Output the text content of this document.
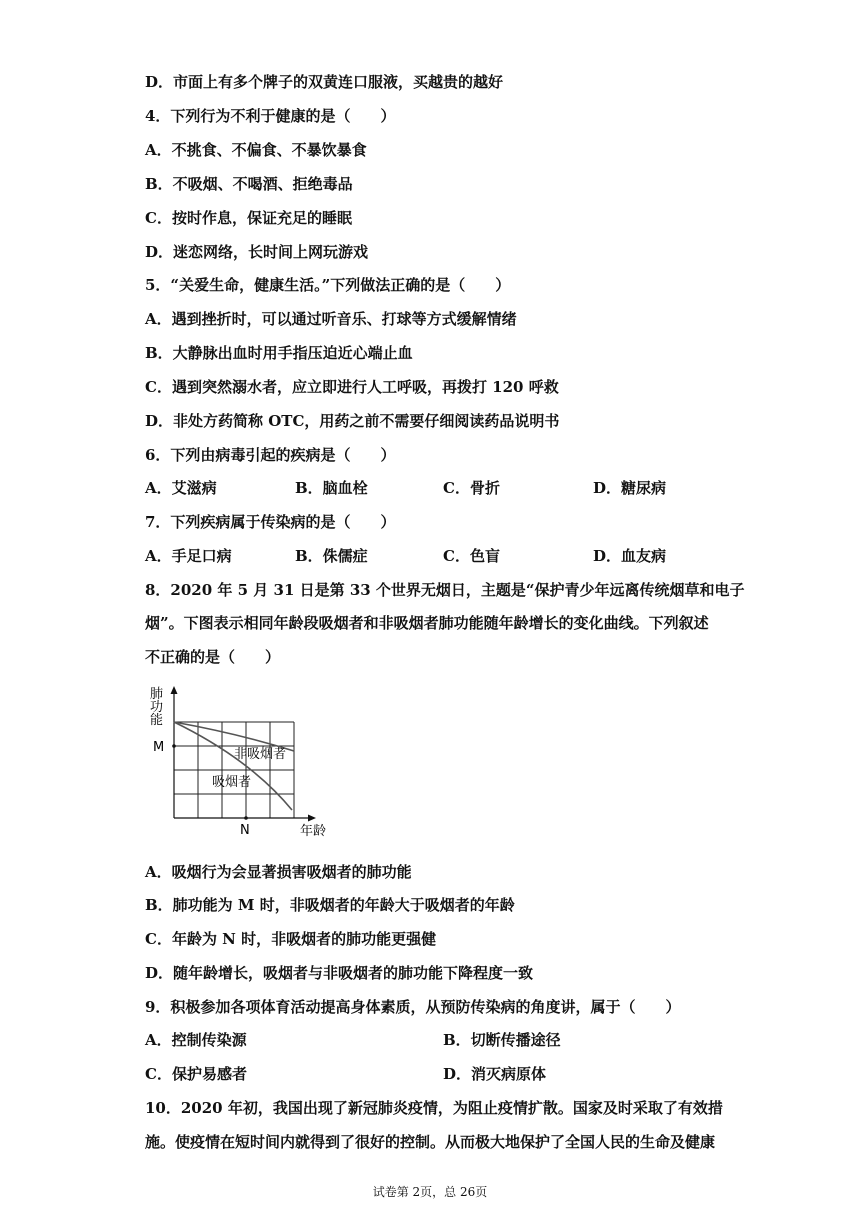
D．市面上有多个牌子的双黄连口服液，买越贵的越好
4．下列行为不利于健康的是（　　）
A．不挑食、不偏食、不暴饮暴食
B．不吸烟、不喝酒、拒绝毒品
C．按时作息，保证充足的睡眠
D．迷恋网络，长时间上网玩游戏
5．“关爱生命，健康生活。”下列做法正确的是（　　）
A．遇到挫折时，可以通过听音乐、打球等方式缓解情绪
B．大静脉出血时用手指压迫近心端止血
C．遇到突然溺水者，应立即进行人工呼吸，再拨打 120 呼救
D．非处方药简称 OTC，用药之前不需要仔细阅读药品说明书
6．下列由病毒引起的疾病是（　　）
A．艾滋病	B．脑血栓	C．骨折	D．糖尿病
7．下列疾病属于传染病的是（　　）
A．手足口病	B．侏儒症	C．色盲	D．血友病
8．2020 年 5 月 31 日是第 33 个世界无烟日，主题是“保护青少年远离传统烟草和电子
烟”。下图表示相同年龄段吸烟者和非吸烟者肺功能随年龄增长的变化曲线。下列叙述
不正确的是（　　）
肺
功
能
M
N	年龄
非吸烟者
吸烟者
A．吸烟行为会显著损害吸烟者的肺功能
B．肺功能为 M 时，非吸烟者的年龄大于吸烟者的年龄
C．年龄为 N 时，非吸烟者的肺功能更强健
D．随年龄增长，吸烟者与非吸烟者的肺功能下降程度一致
9．积极参加各项体育活动提高身体素质，从预防传染病的角度讲，属于（　　）
A．控制传染源	B．切断传播途径
C．保护易感者	D．消灭病原体
10．2020 年初，我国出现了新冠肺炎疫情，为阻止疫情扩散。国家及时采取了有效措
施。使疫情在短时间内就得到了很好的控制。从而极大地保护了全国人民的生命及健康
试卷第 2页，总 26页
